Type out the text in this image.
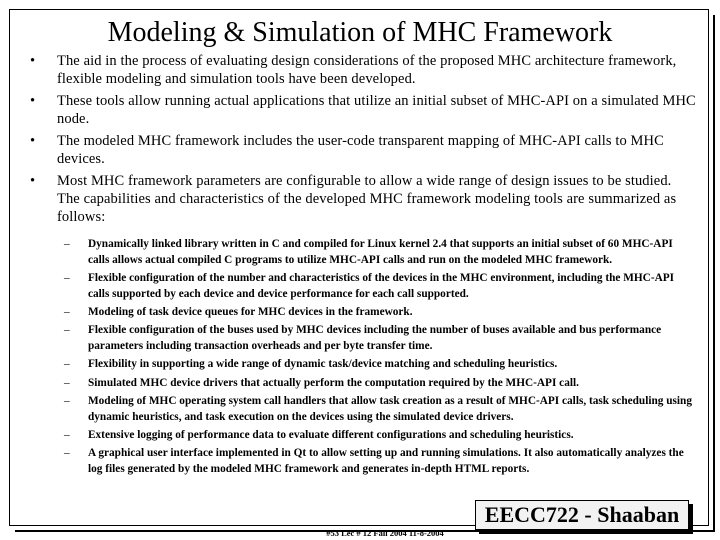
Modeling & Simulation of MHC Framework
• The aid in the process of evaluating design considerations of the proposed MHC architecture framework, flexible modeling and simulation tools have been developed.
• These tools allow running actual applications that utilize an initial subset of MHC-API on a simulated MHC node.
• The modeled MHC framework includes the user-code transparent mapping of MHC-API calls to MHC devices.
• Most MHC framework parameters are configurable to allow a wide range of design issues to be studied. The capabilities and characteristics of the developed MHC framework modeling tools are summarized as follows:
– Dynamically linked library written in C and compiled for Linux kernel 2.4 that supports an initial subset of 60 MHC-API calls allows actual compiled C programs to utilize MHC-API calls and run on the modeled MHC framework.
– Flexible configuration of the number and characteristics of the devices in the MHC environment, including the MHC-API calls supported by each device and device performance for each call supported.
– Modeling of task device queues for MHC devices in the framework.
– Flexible configuration of the buses used by MHC devices including the number of buses available and bus performance parameters including transaction overheads and per byte transfer time.
– Flexibility in supporting a wide range of dynamic task/device matching and scheduling heuristics.
– Simulated MHC device drivers that actually perform the computation required by the MHC-API call.
– Modeling of MHC operating system call handlers that allow task creation as a result of MHC-API calls, task scheduling using dynamic heuristics, and task execution on the devices using the simulated device drivers.
– Extensive logging of performance data to evaluate different configurations and scheduling heuristics.
– A graphical user interface implemented in Qt to allow setting up and running simulations. It also automatically analyzes the log files generated by the modeled MHC framework and generates in-depth HTML reports.
EECC722 - Shaaban
#53 Lec # 12 Fall 2004 11-8-2004
